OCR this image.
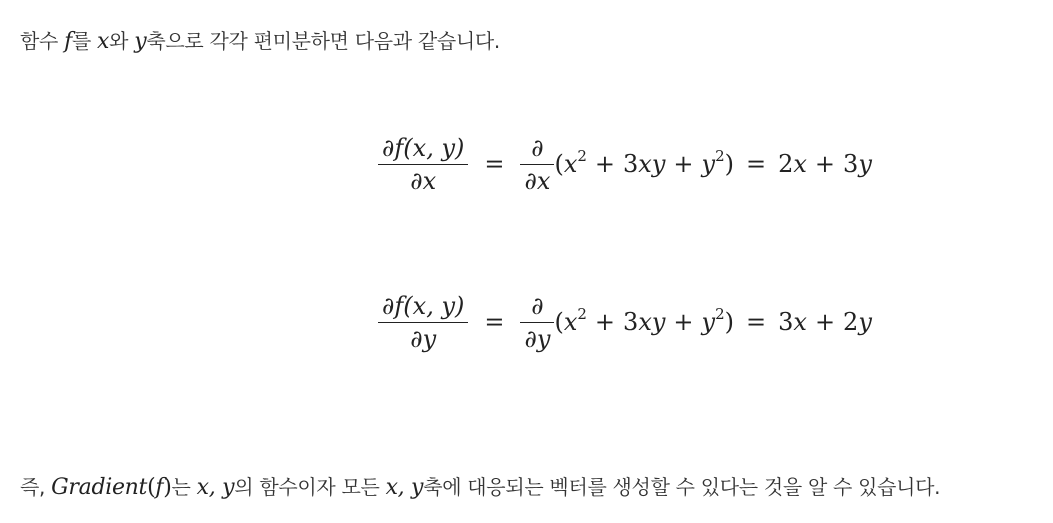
함수 f를 x와 y축으로 각각 편미분하면 다음과 같습니다.

$\frac{\partial f(x, y)}{\partial x} = \frac{\partial}{\partial x} (x^2 + 3xy + y^2) = 2x + 3y$
$\frac{\partial f(x, y)}{\partial y} = \frac{\partial}{\partial y} (x^2 + 3xy + y^2) = 3x + 2y$

즉, Gradient(f)는 x, y의 함수이자 모든 x, y축에 대응되는 벡터를 생성할 수 있다는 것을 알 수 있습니다.
